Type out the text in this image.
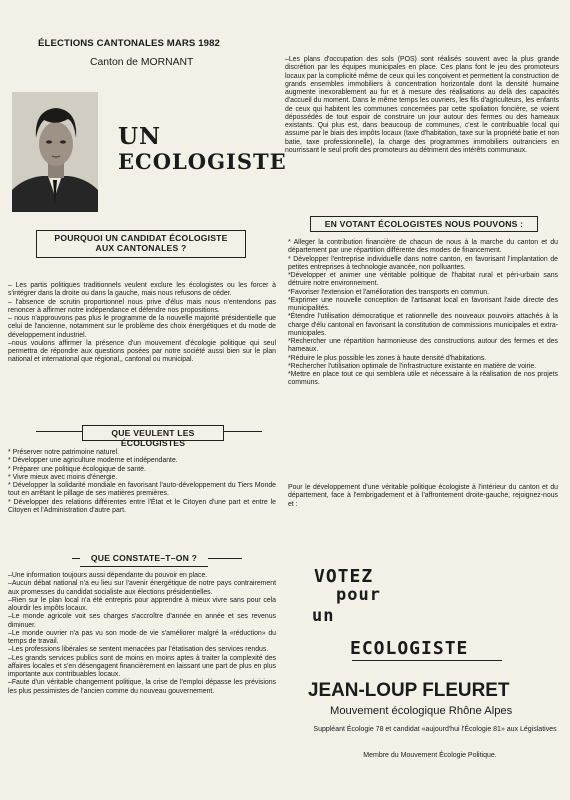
ÉLECTIONS CANTONALES MARS 1982
Canton de MORNANT
UN
ECOLOGISTE
POURQUOI UN CANDIDAT ÉCOLOGISTE
AUX CANTONALES ?

– Les partis politiques traditionnels veulent exclure les écologistes ou les forcer à s'intégrer dans la droite ou dans la gauche, mais nous refusons de céder.

– l'absence de scrutin proportionnel nous prive d'élus mais nous n'entendons pas renoncer à affirmer notre indépendance et défendre nos propositions.

– nous n'approuvons pas plus le programme de la nouvelle majorité présidentielle que celui de l'ancienne, notamment sur le problème des choix énergétiques et du mode de développement industriel.

–nous voulons affirmer la présence d'un mouvement d'écologie politique qui seul permettra de répondre aux questions posées par notre société aussi bien sur le plan national et international que régional,, cantonal ou municipal.

QUE VEULENT LES ÉCOLOGISTES

* Préserver notre patrimoine naturel.

* Développer une agriculture moderne et indépendante.

* Préparer une politique écologique de santé.

* Vivre mieux avec moins d'énergie.

* Développer la solidarité mondiale en favorisant l'auto-développement du Tiers Monde tout en arrêtant le pillage de ses matières premières.

* Développer des relations différentes entre l'État et le Citoyen d'une part et entre le Citoyen et l'Administration d'autre part.

QUE CONSTATE–T–ON ?

–Une information toujours aussi dépendante du pouvoir en place.

–Aucun débat national n'a eu lieu sur l'avenir énergétique de notre pays contrairement aux promesses du candidat socialiste aux élections présidentielles.

–Rien sur le plan local n'a été entrepris pour apprendre à mieux vivre sans pour cela alourdir les impôts locaux.

–Le monde agricole voit ses charges s'accroître d'année en année et ses revenus diminuer.

–Le monde ouvrier n'a pas vu son mode de vie s'améliorer malgré la «réduction» du temps de travail.

–Les professions libérales se sentent menacées par l'étatisation des services rendus.

–Les grands services publics sont de moins en moins aptes à traiter la complexité des affaires locales et s'en désengagent financièrement en laissant une part de plus en plus importante aux contribuables locaux.

–Faute d'un véritable changement politique, la crise de l'emploi dépasse les prévisions les plus pessimistes de l'ancien comme du nouveau gouvernement.

–Les plans d'occupation des sols (POS) sont réalisés souvent avec la plus grande discrétion par les équipes municipales en place. Ces plans font le jeu des promoteurs locaux par la complicité même de ceux qui les conçoivent et permettent la construction de grands ensembles immobiliers à concentration horizontale dont la densité humaine augmente inexorablement au fur et à mesure des réalisations au delà des capacités d'accueil du moment. Dans le même temps les ouvriers, les fils d'agriculteurs, les enfants de ceux qui habitent les communes concernées par cette spoliation foncière, se voient dépossédés de tout espoir de construire un jour autour des fermes ou des hameaux existants. Qui plus est, dans beaucoup de communes, c'est le contribuable local qui assume par le biais des impôts locaux (taxe d'habitation, taxe sur la propriété batie et non batie, taxe professionnelle), la charge des programmes immobiliers outranciers en nourrissant le seul profit des promoteurs au détriment des intérêts communaux.
EN VOTANT ÉCOLOGISTES NOUS POUVONS :

* Alleger la contribution financière de chacun de nous à la marche du canton et du département par une répartition différente des modes de financement.

* Développer l'entreprise individuelle dans notre canton, en favorisant l'implantation de petites entreprises à technologie avancée, non polluantes.

*Développer et animer une véritable politique de l'habitat rural et péri-urbain sans détruire notre environnement.

*Favoriser l'extension et l'amélioration des transports en commun.

*Exprimer une nouvelle conception de l'artisanat local en favorisant l'aide directe des municipalités.

*Étendre l'utilisation démocratique et rationnelle des nouveaux pouvoirs attachés à la charge d'élu cantonal en favorisant la constitution de commissions municipales et extra-municipales.

*Rechercher une répartition harmonieuse des constructions autour des fermes et des hameaux.

*Réduire le plus possible les zones à haute densité d'habitations.

*Rechercher l'utilisation optimale de l'infrastructure existante en matière de voirie.

*Mettre en place tout ce qui semblera utile et nécessaire à la réalisation de nos projets communs.

Pour le développement d'une véritable politique écologiste à l'intérieur du canton et du département, face à l'embrigadement et à l'affrontement droite-gauche, rejoignez-nous et :
VOTEZ
pour
un
ECOLOGISTE
JEAN-LOUP FLEURET
Mouvement écologique Rhône Alpes
Suppléant Écologie 78 et candidat «aujourd'hui l'Écologie 81» aux Législatives
Membre du Mouvement Écologie Politique.
